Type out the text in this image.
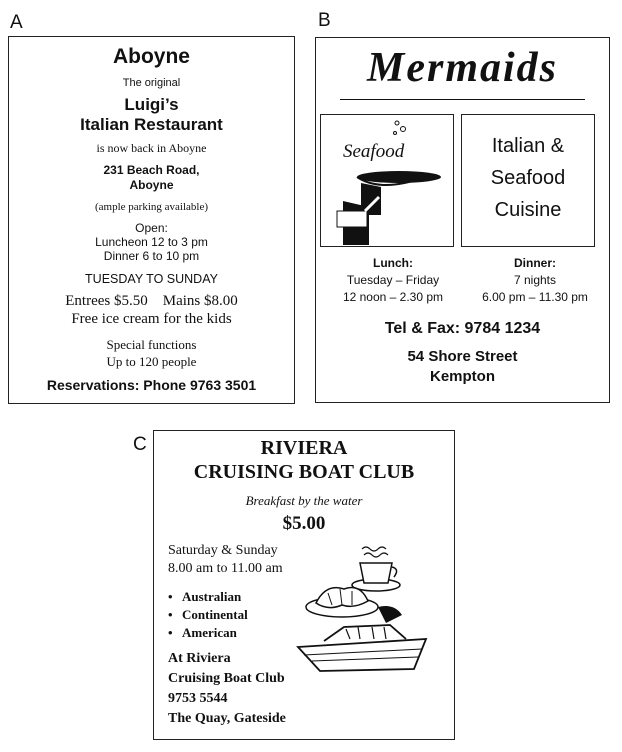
A	B
C
Aboyne
The original
Luigi’s
Italian Restaurant
is now back in Aboyne
231 Beach Road,
Aboyne
(ample parking available)
Open:
Luncheon 12 to 3 pm
Dinner 6 to 10 pm
TUESDAY TO SUNDAY
Entrees $5.50    Mains $8.00
Free ice cream for the kids
Special functions
Up to 120 people
Reservations: Phone 9763 3501
Mermaids
Seafood	Italian &
Seafood
Cuisine
Lunch:
Tuesday – Friday
12 noon – 2.30 pm
Dinner:
7 nights
6.00 pm – 11.30 pm
Tel & Fax: 9784 1234
54 Shore Street
Kempton
RIVIERA
CRUISING BOAT CLUB
Breakfast by the water
$5.00
Saturday & Sunday
8.00 am to 11.00 am
• Australian
• Continental
• American
At Riviera
Cruising Boat Club
9753 5544
The Quay, Gateside
